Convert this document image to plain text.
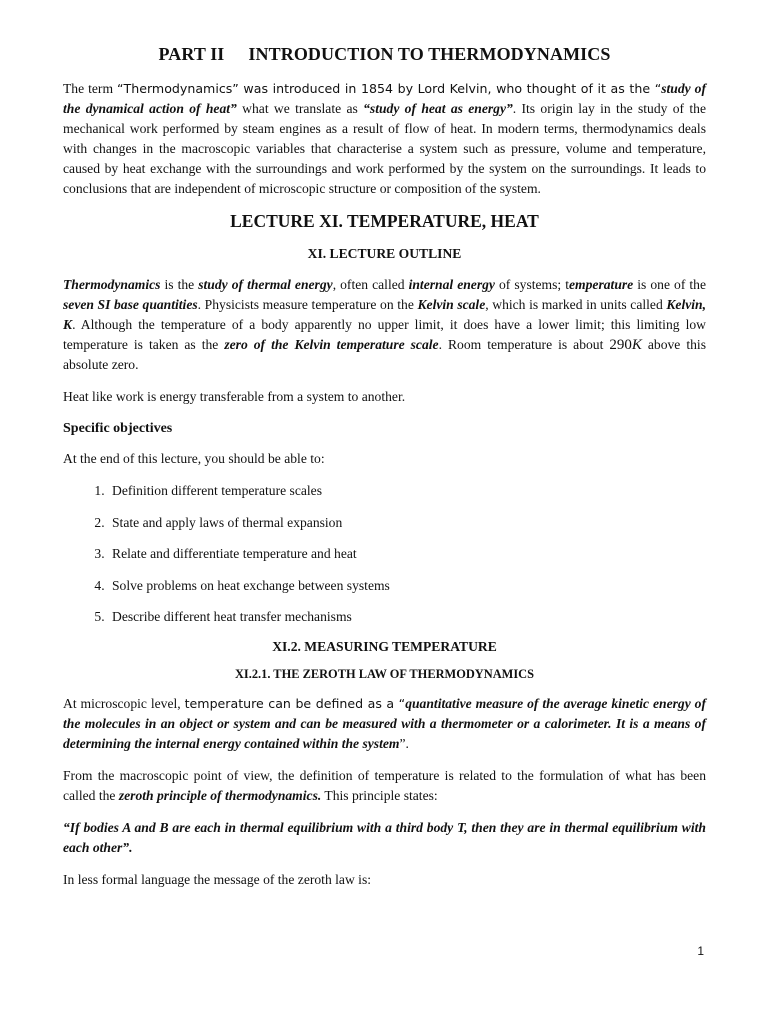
PART II INTRODUCTION TO THERMODYNAMICS

The term “Thermodynamics” was introduced in 1854 by Lord Kelvin, who thought of it as the “study of the dynamical action of heat” what we translate as “study of heat as energy”. Its origin lay in the study of the mechanical work performed by steam engines as a result of flow of heat. In modern terms, thermodynamics deals with changes in the macroscopic variables that characterise a system such as pressure, volume and temperature, caused by heat exchange with the surroundings and work performed by the system on the surroundings. It leads to conclusions that are independent of microscopic structure or composition of the system.

LECTURE XI. TEMPERATURE, HEAT
XI. LECTURE OUTLINE

Thermodynamics is the study of thermal energy, often called internal energy of systems; temperature is one of the seven SI base quantities. Physicists measure temperature on the Kelvin scale, which is marked in units called Kelvin, K. Although the temperature of a body apparently no upper limit, it does have a lower limit; this limiting low temperature is taken as the zero of the Kelvin temperature scale. Room temperature is about 290K above this absolute zero.

Heat like work is energy transferable from a system to another.

Specific objectives

At the end of this lecture, you should be able to:

1. Definition different temperature scales
2. State and apply laws of thermal expansion
3. Relate and differentiate temperature and heat
4. Solve problems on heat exchange between systems
5. Describe different heat transfer mechanisms
XI.2. MEASURING TEMPERATURE
XI.2.1. THE ZEROTH LAW OF THERMODYNAMICS

At microscopic level, temperature can be defined as a “quantitative measure of the average kinetic energy of the molecules in an object or system and can be measured with a thermometer or a calorimeter. It is a means of determining the internal energy contained within the system”.

From the macroscopic point of view, the definition of temperature is related to the formulation of what has been called the zeroth principle of thermodynamics. This principle states:

“If bodies A and B are each in thermal equilibrium with a third body T, then they are in thermal equilibrium with each other”.

In less formal language the message of the zeroth law is:

1
